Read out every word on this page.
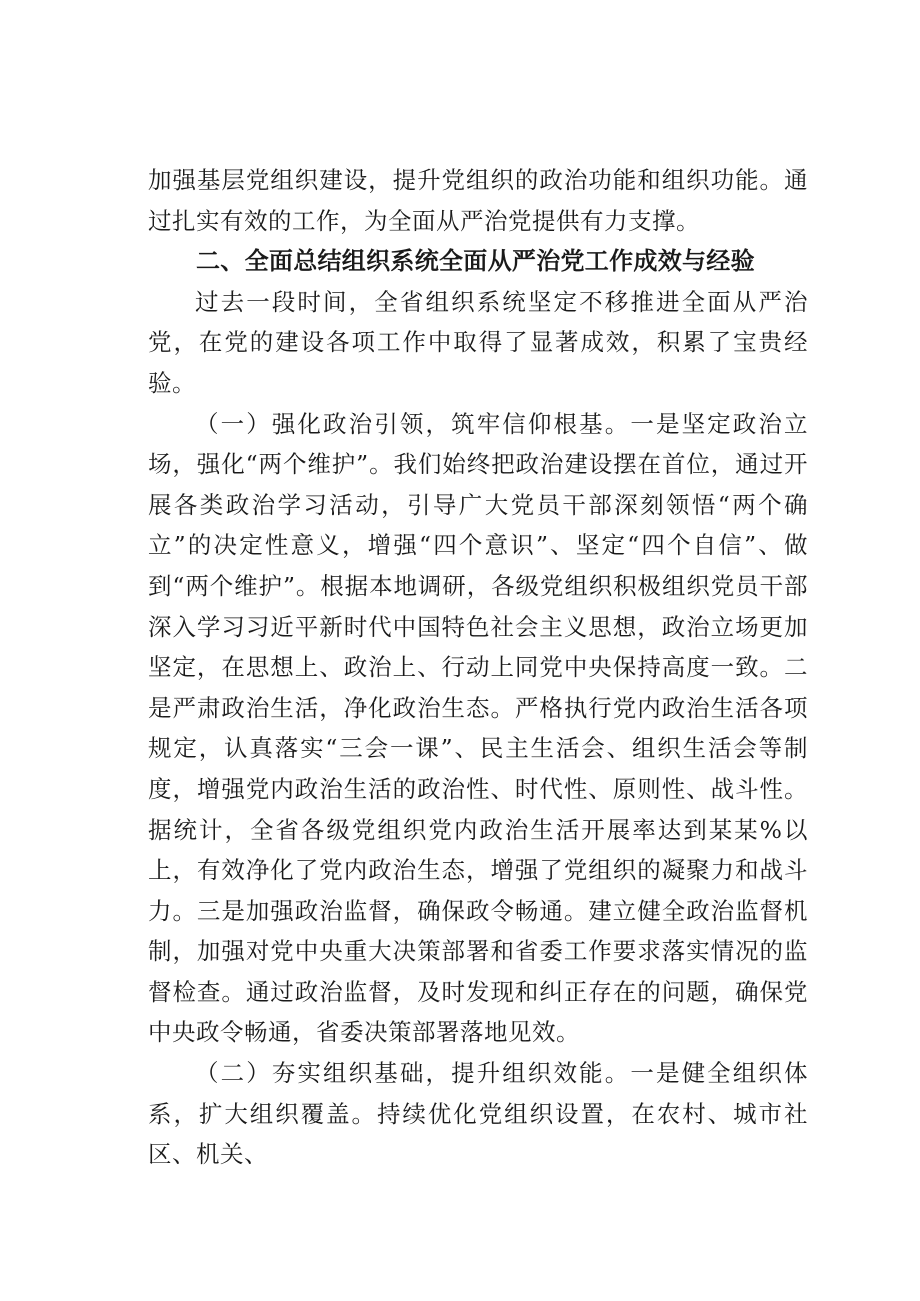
加强基层党组织建设，提升党组织的政治功能和组织功能。通过扎实有效的工作，为全面从严治党提供有力支撑。

二、全面总结组织系统全面从严治党工作成效与经验

过去一段时间，全省组织系统坚定不移推进全面从严治党，在党的建设各项工作中取得了显著成效，积累了宝贵经验。

（一）强化政治引领，筑牢信仰根基。一是坚定政治立场，强化“两个维护”。我们始终把政治建设摆在首位，通过开展各类政治学习活动，引导广大党员干部深刻领悟“两个确立”的决定性意义，增强“四个意识”、坚定“四个自信”、做到“两个维护”。根据本地调研，各级党组织积极组织党员干部深入学习习近平新时代中国特色社会主义思想，政治立场更加坚定，在思想上、政治上、行动上同党中央保持高度一致。二是严肃政治生活，净化政治生态。严格执行党内政治生活各项规定，认真落实“三会一课”、民主生活会、组织生活会等制度，增强党内政治生活的政治性、时代性、原则性、战斗性。据统计，全省各级党组织党内政治生活开展率达到某某%以上，有效净化了党内政治生态，增强了党组织的凝聚力和战斗力。三是加强政治监督，确保政令畅通。建立健全政治监督机制，加强对党中央重大决策部署和省委工作要求落实情况的监督检查。通过政治监督，及时发现和纠正存在的问题，确保党中央政令畅通，省委决策部署落地见效。

（二）夯实组织基础，提升组织效能。一是健全组织体系，扩大组织覆盖。持续优化党组织设置，在农村、城市社区、机关、
